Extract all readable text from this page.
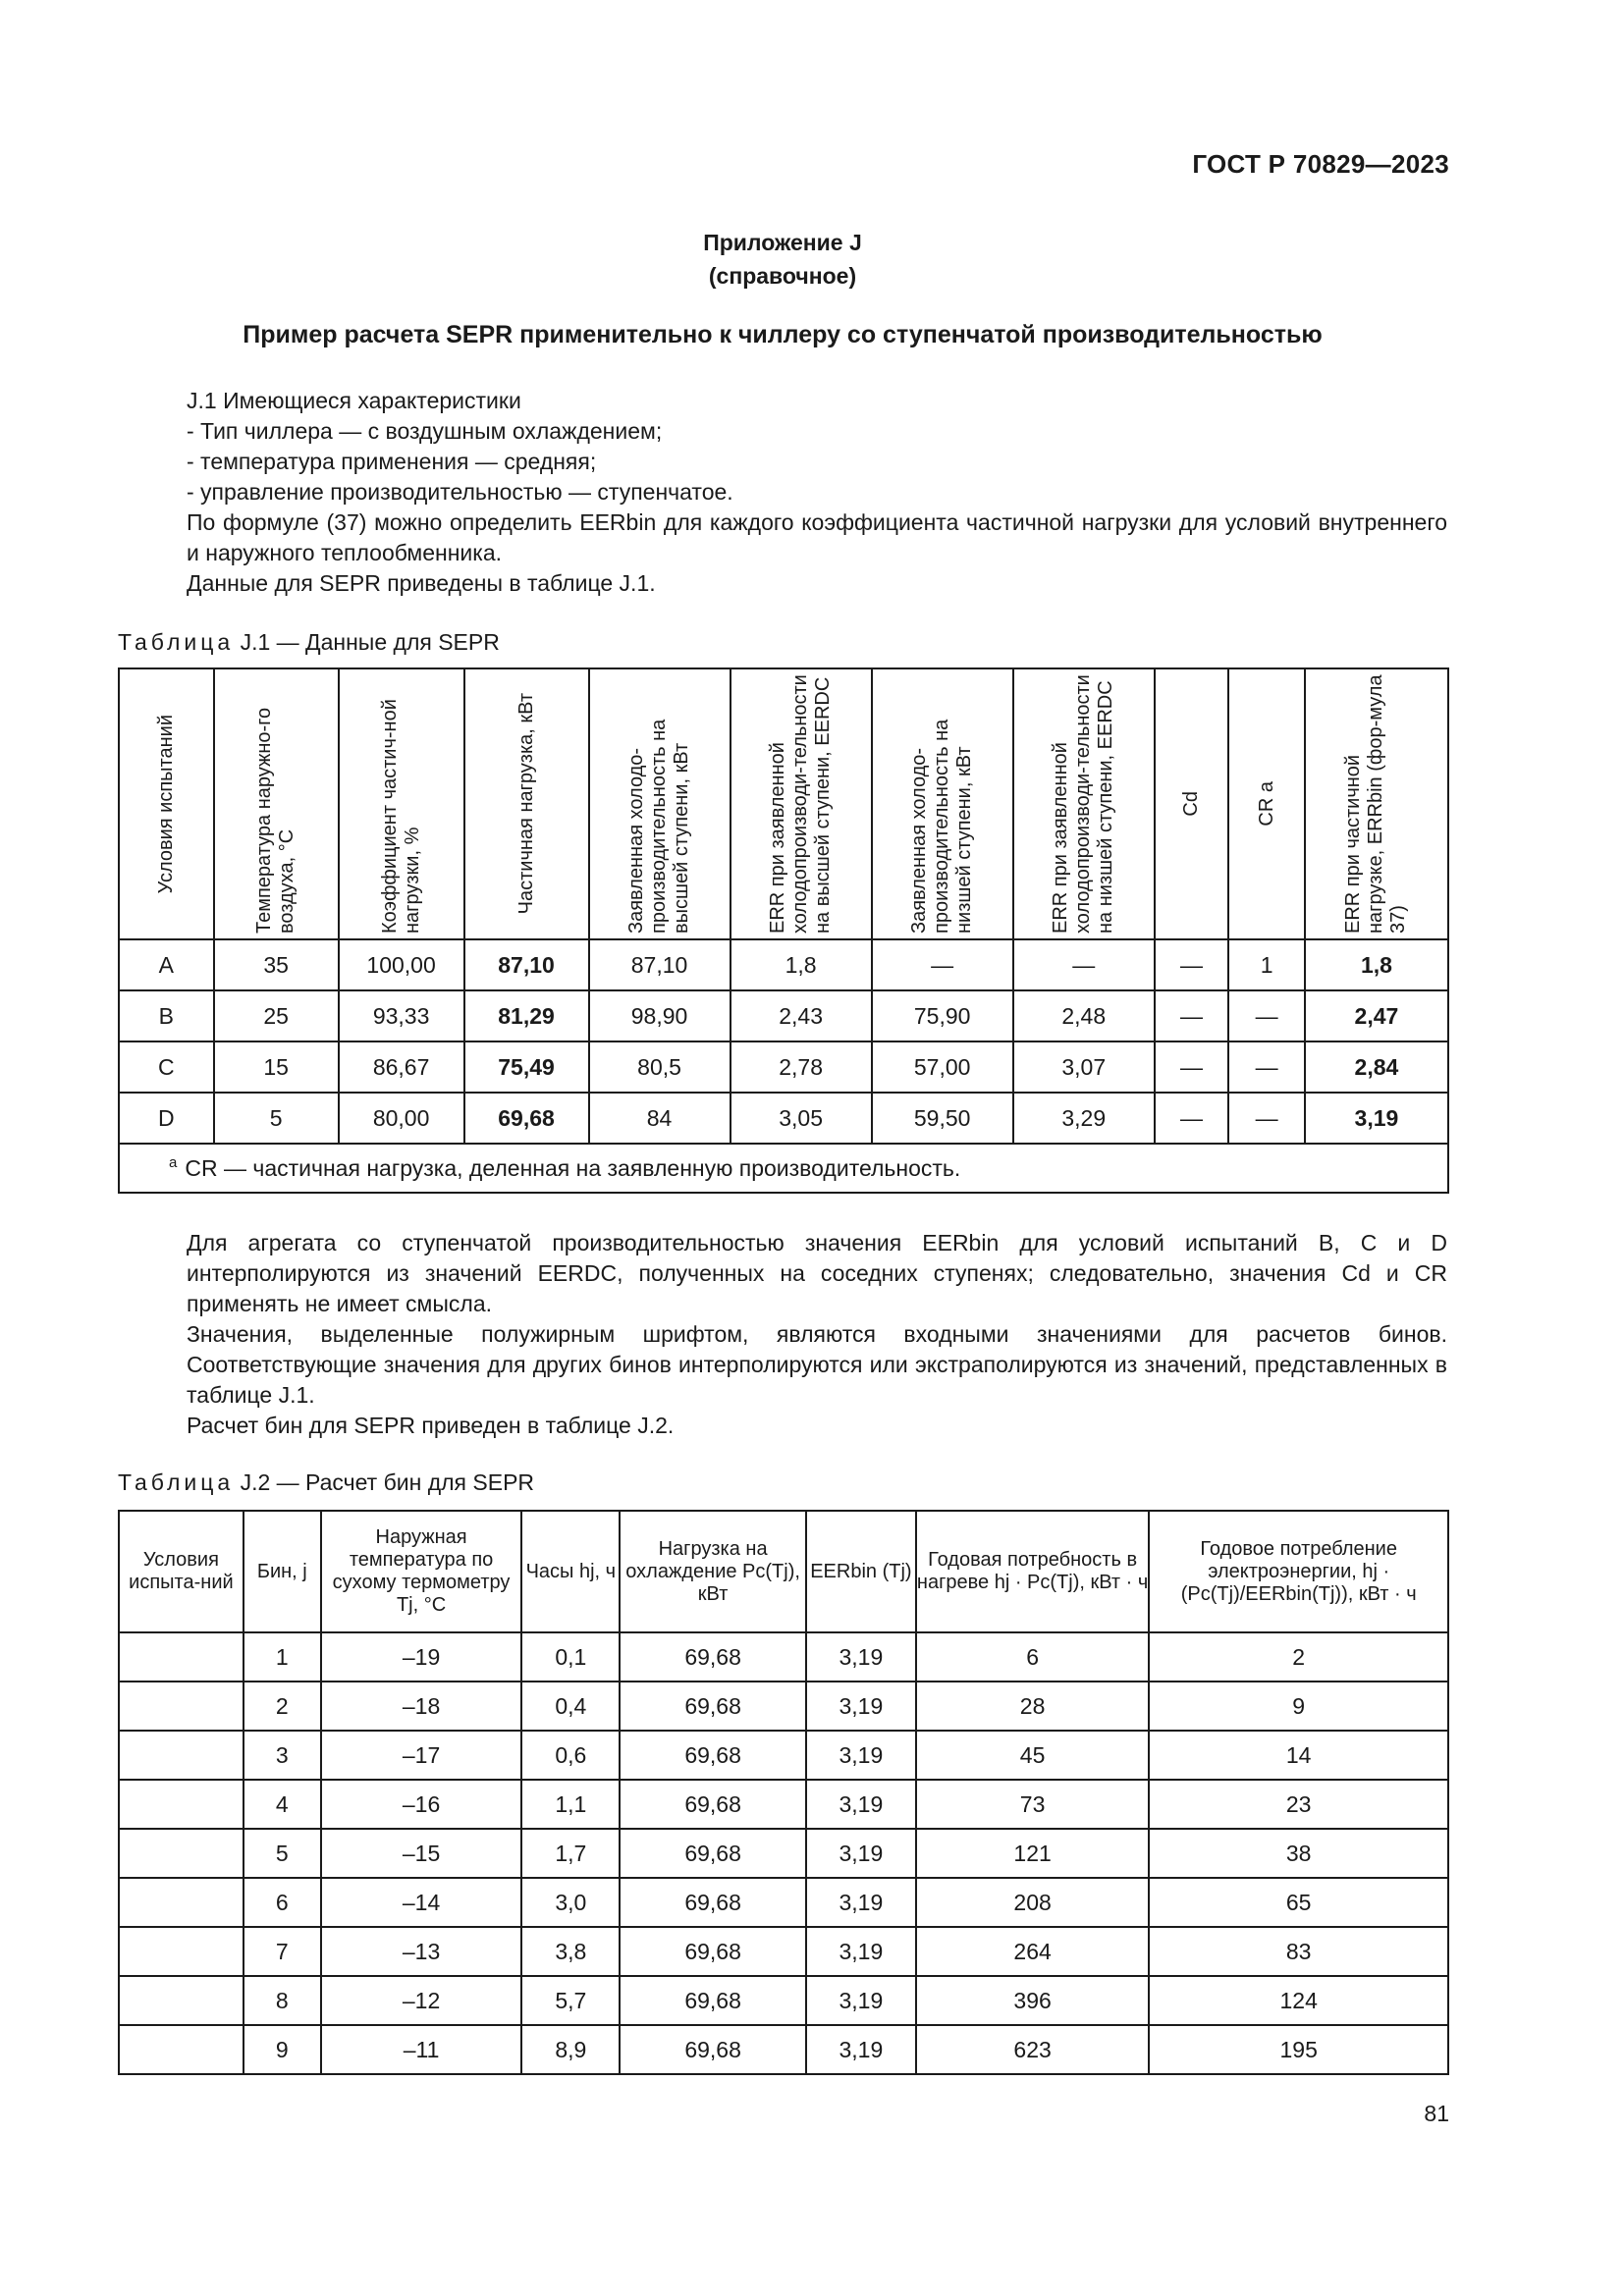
ГОСТ Р 70829—2023
Приложение J
(справочное)
Пример расчета SEPR применительно к чиллеру со ступенчатой производительностью
J.1 Имеющиеся характеристики
- Тип чиллера — с воздушным охлаждением;
- температура применения — средняя;
- управление производительностью — ступенчатое.
По формуле (37) можно определить EERbin для каждого коэффициента частичной нагрузки для условий внутреннего и наружного теплообменника.
Данные для SEPR приведены в таблице J.1.
Таблица J.1 — Данные для SEPR
Условия испытаний	Температура наружно-го воздуха, °С	Коэффициент частич-ной нагрузки, %	Частичная нагрузка, кВт	Заявленная холодо-производительность на высшей ступени, кВт	ERR при заявленной холодопроизводи-тельности на высшей ступени, EERDC	Заявленная холодо-производительность на низшей ступени, кВт	ERR при заявленной холодопроизводи-тельности на низшей ступени, EERDC	Cd	CR a	ERR при частичной нагрузке, ERRbin (фор-мула 37)

A	35	100,00	87,10	87,10	1,8	—	—	—	1	1,8
B	25	93,33	81,29	98,90	2,43	75,90	2,48	—	—	2,47
C	15	86,67	75,49	80,5	2,78	57,00	3,07	—	—	2,84
D	5	80,00	69,68	84	3,05	59,50	3,29	—	—	3,19
$^a$ CR — частичная нагрузка, деленная на заявленную производительность.										
Для агрегата со ступенчатой производительностью значения EERbin для условий испытаний B, C и D интерполируются из значений EERDC, полученных на соседних ступенях; следовательно, значения Cd и CR применять не имеет смысла.
Значения, выделенные полужирным шрифтом, являются входными значениями для расчетов бинов. Соответствующие значения для других бинов интерполируются или экстраполируются из значений, представленных в таблице J.1.
Расчет бин для SEPR приведен в таблице J.2.
Таблица J.2 — Расчет бин для SEPR
Условия испыта-ний	Бин, j	Наружная температура по сухому термометру Tj, °С	Часы hj, ч	Нагрузка на охлаждение Pc(Tj), кВт	EERbin (Tj)	Годовая потребность в нагреве hj · Pc(Tj), кВт · ч	Годовое потребление электроэнергии, hj · (Pc(Tj)/EERbin(Tj)), кВт · ч
	1	–19	0,1	69,68	3,19	6	2
	2	–18	0,4	69,68	3,19	28	9
	3	–17	0,6	69,68	3,19	45	14
	4	–16	1,1	69,68	3,19	73	23
	5	–15	1,7	69,68	3,19	121	38
	6	–14	3,0	69,68	3,19	208	65
	7	–13	3,8	69,68	3,19	264	83
	8	–12	5,7	69,68	3,19	396	124
	9	–11	8,9	69,68	3,19	623	195
81
